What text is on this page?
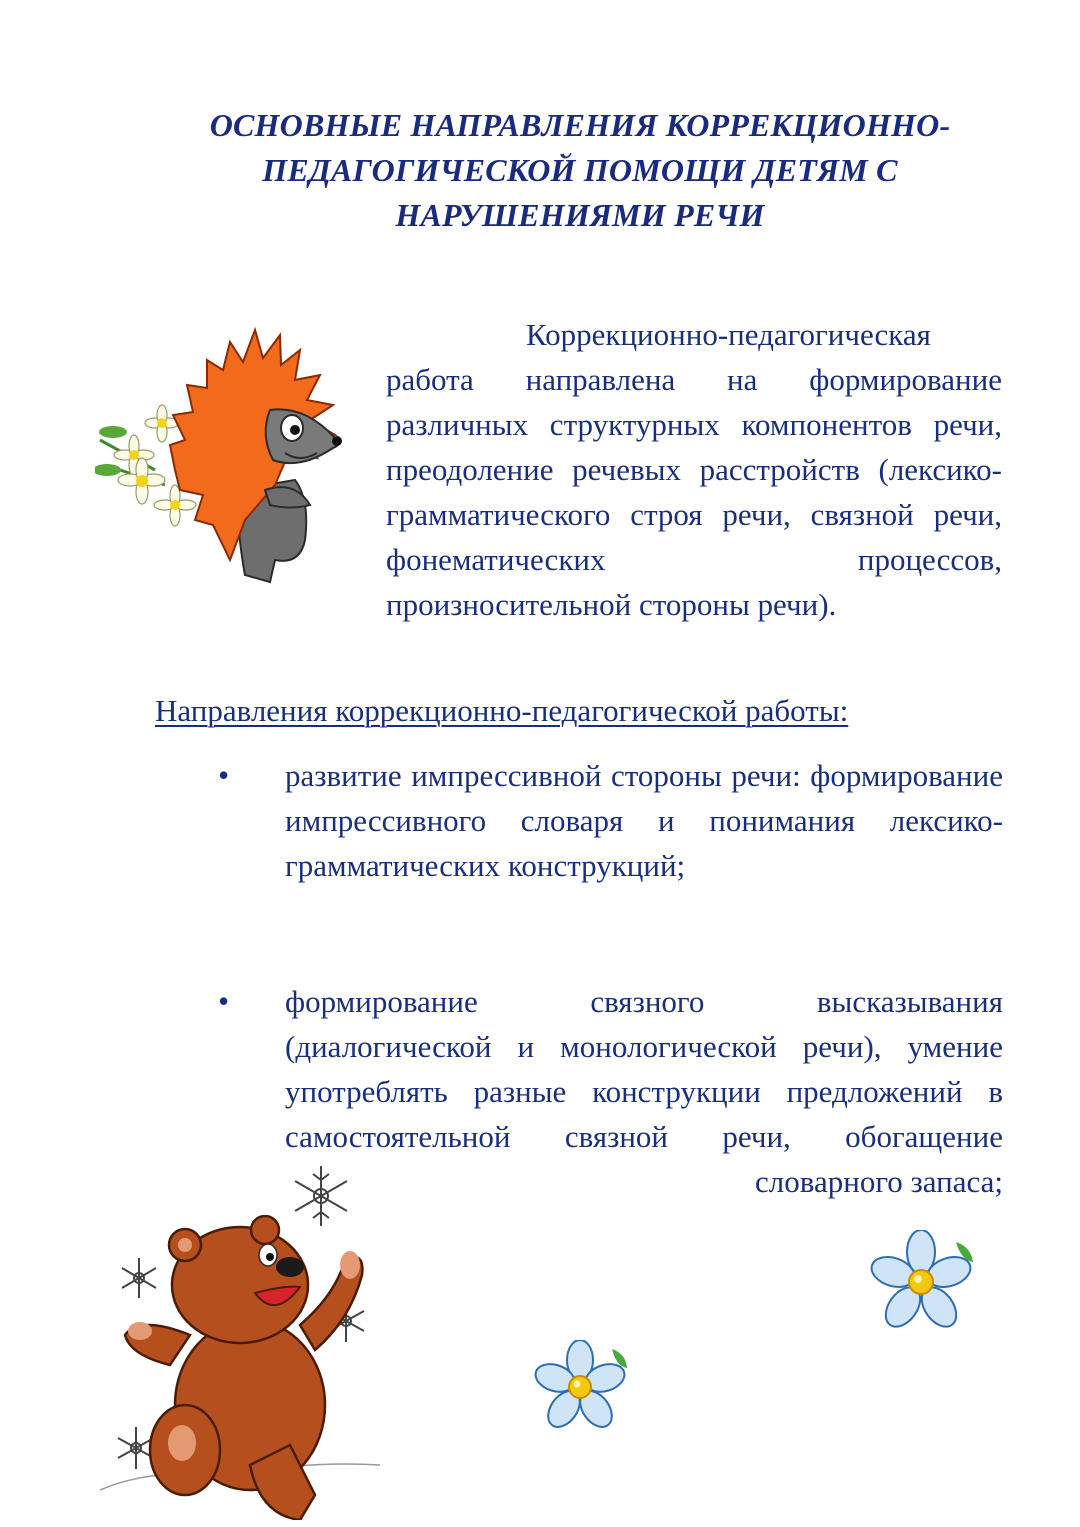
ОСНОВНЫЕ НАПРАВЛЕНИЯ КОРРЕКЦИОННО-
ПЕДАГОГИЧЕСКОЙ ПОМОЩИ ДЕТЯМ С
НАРУШЕНИЯМИ РЕЧИ

Коррекционно-педагогическая работа направлена на формирование различных структурных компонентов речи, преодоление речевых расстройств (лексико-грамматического строя речи, связной речи, фонематических процессов, произносительной стороны речи).

Направления коррекционно-педагогической работы:

•	развитие импрессивной стороны речи: формирование импрессивного словаря и понимания лексико-грамматических конструкций;
•	формирование связного высказывания (диалогической и монологической речи), умение употреблять разные конструкции предложений в самостоятельной связной речи, обогащение словарного запаса;
